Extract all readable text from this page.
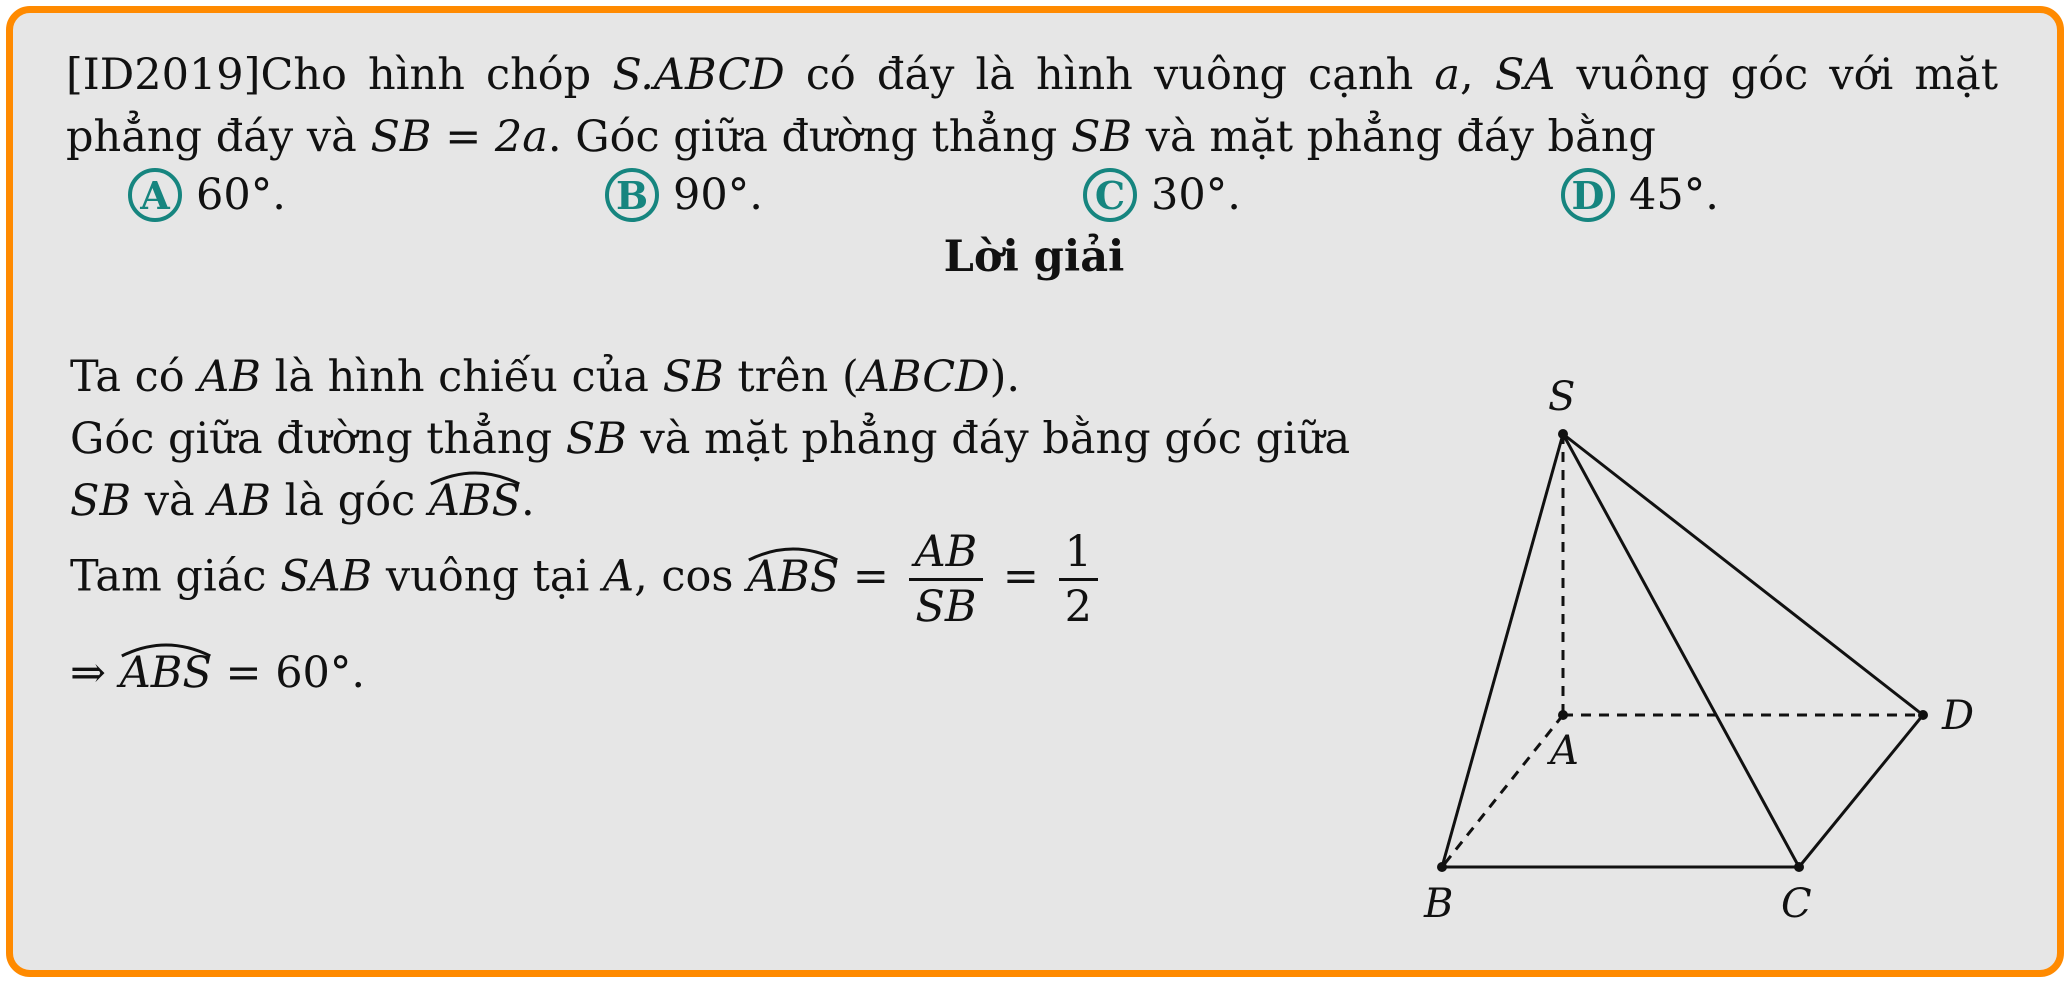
[ID2019]Cho hình chóp S.ABCD có đáy là hình vuông cạnh a, SA vuông góc với mặt phẳng đáy và SB = 2a. Góc giữa đường thẳng SB và mặt phẳng đáy bằng
A 60°.	B 90°.	C 30°.	D 45°.
Lời giải
Ta có AB là hình chiếu của SB trên (ABCD).
Góc giữa đường thẳng SB và mặt phẳng đáy bằng góc giữa
SB và AB là góc
ABS.
Tam giác SAB vuông tại A, cos
ABS = $\frac{AB}{SB} = \frac{1}{2}$
⇒
ABS = 60°.
S
A
B	C
D
